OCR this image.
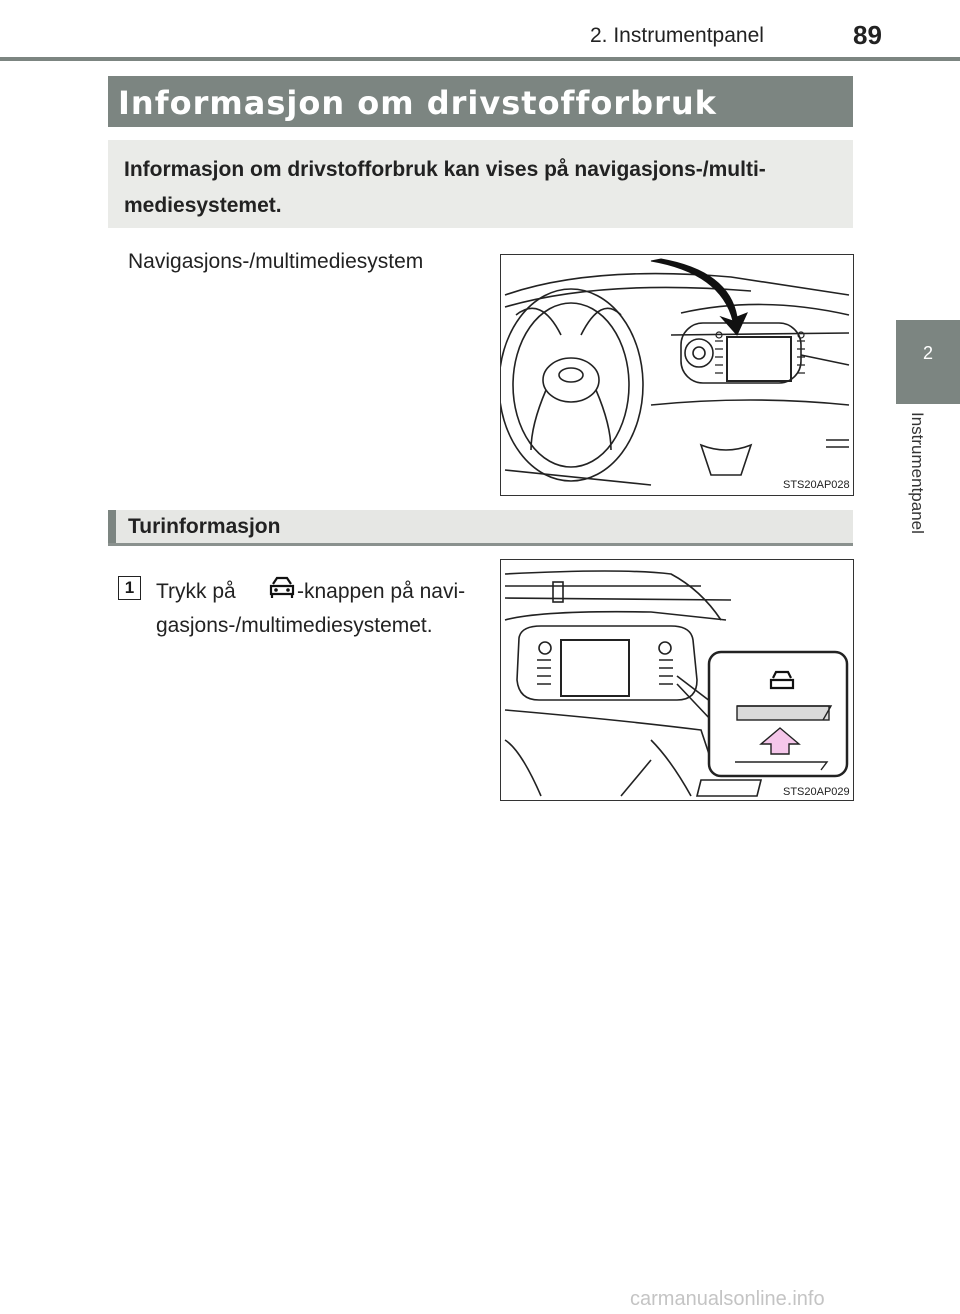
2. Instrumentpanel	89
2
Instrumentpanel
Informasjon om drivstofforbruk
Informasjon om drivstofforbruk kan vises på navigasjons-/multi-mediesystemet.
Navigasjons-/multimediesystem
STS20AP028
Turinformasjon
1	Trykk på	-knappen på navi-
gasjons-/multimediesystemet.
STS20AP029
carmanualsonline.info
